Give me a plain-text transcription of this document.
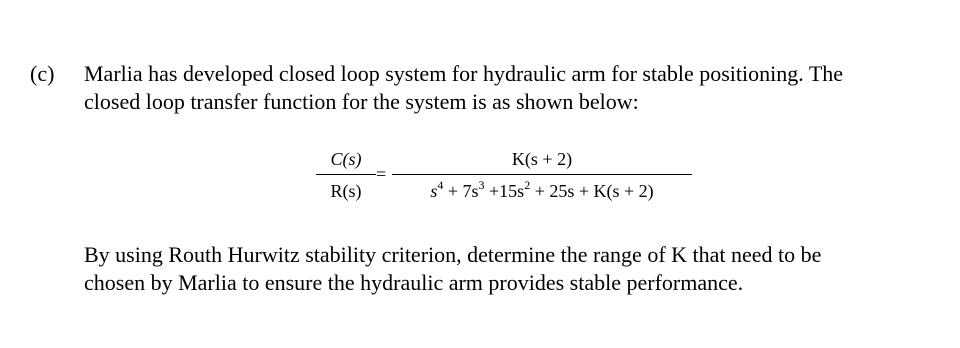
(c) Marlia has developed closed loop system for hydraulic arm for stable positioning. The
closed loop transfer function for the system is as shown below:
C(s)
R(s)
=
K(s + 2)
$s^4 + 7s^3 +15s^2 + 25s + K(s + 2)$
By using Routh Hurwitz stability criterion, determine the range of K that need to be
chosen by Marlia to ensure the hydraulic arm provides stable performance.
